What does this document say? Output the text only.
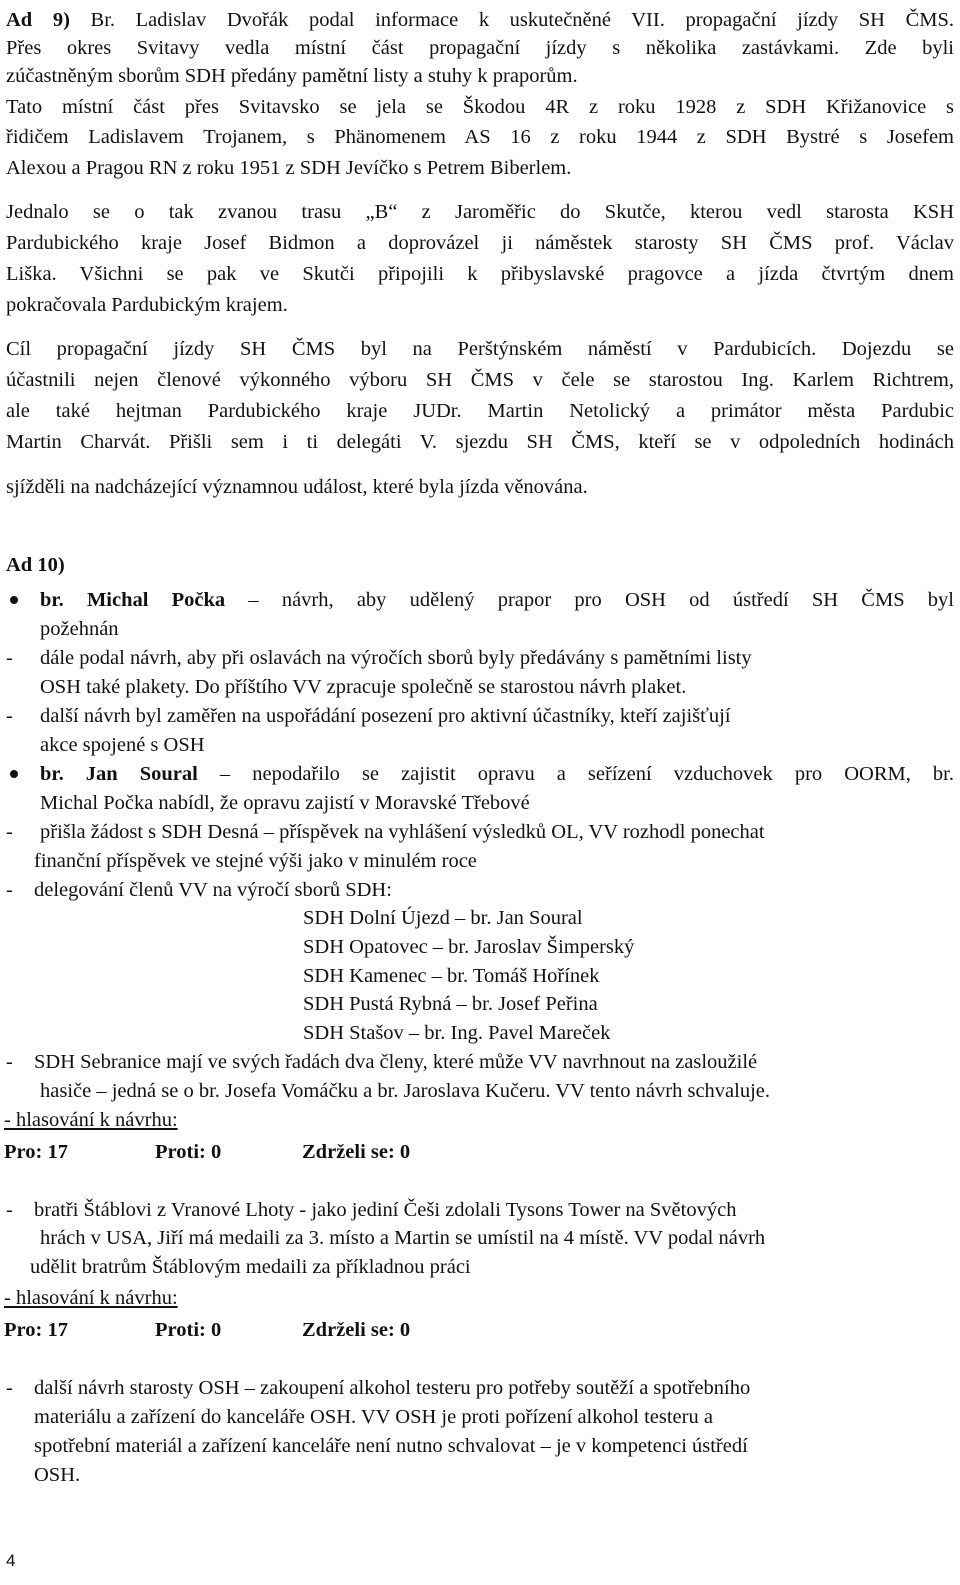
Ad 9) Br. Ladislav Dvořák podal informace k uskutečněné VII. propagační jízdy SH ČMS.
Přes okres Svitavy vedla místní část propagační jízdy s několika zastávkami. Zde byli
zúčastněným sborům SDH předány pamětní listy a stuhy k praporům.
Tato místní část přes Svitavsko se jela se Škodou 4R z roku 1928 z SDH Křižanovice s
řidičem Ladislavem Trojanem, s Phänomenem AS 16 z roku 1944 z SDH Bystré s Josefem
Alexou a Pragou RN z roku 1951 z SDH Jevíčko s Petrem Biberlem.
Jednalo se o tak zvanou trasu „B“ z Jaroměřic do Skutče, kterou vedl starosta KSH
Pardubického kraje Josef Bidmon a doprovázel ji náměstek starosty SH ČMS prof. Václav
Liška. Všichni se pak ve Skutči připojili k přibyslavské pragovce a jízda čtvrtým dnem
pokračovala Pardubickým krajem.
Cíl propagační jízdy SH ČMS byl na Perštýnském náměstí v Pardubicích. Dojezdu se
účastnili nejen členové výkonného výboru SH ČMS v čele se starostou Ing. Karlem Richtrem,
ale také hejtman Pardubického kraje JUDr. Martin Netolický a primátor města Pardubic
Martin Charvát. Přišli sem i ti delegáti V. sjezdu SH ČMS, kteří se v odpoledních hodinách
sjížděli na nadcházející významnou událost, které byla jízda věnována.
Ad 10)
br. Michal Počka – návrh, aby udělený prapor pro OSH od ústředí SH ČMS byl
požehnán
- dále podal návrh, aby při oslavách na výročích sborů byly předávány s pamětními listy
OSH také plakety. Do příštího VV zpracuje společně se starostou návrh plaket.
- další návrh byl zaměřen na uspořádání posezení pro aktivní účastníky, kteří zajišťují
akce spojené s OSH
br. Jan Soural – nepodařilo se zajistit opravu a seřízení vzduchovek pro OORM, br.
Michal Počka nabídl, že opravu zajistí v Moravské Třebové
- přišla žádost s SDH Desná – příspěvek na vyhlášení výsledků OL, VV rozhodl ponechat
finanční příspěvek ve stejné výši jako v minulém roce
- delegování členů VV na výročí sborů SDH:
SDH Dolní Újezd – br. Jan Soural
SDH Opatovec – br. Jaroslav Šimperský
SDH Kamenec – br. Tomáš Hořínek
SDH Pustá Rybná – br. Josef Peřina
SDH Stašov – br. Ing. Pavel Mareček
- SDH Sebranice mají ve svých řadách dva členy, které může VV navrhnout na zasloužilé
hasiče – jedná se o br. Josefa Vomáčku a br. Jaroslava Kučeru. VV tento návrh schvaluje.
- hlasování k návrhu:
Pro: 17	Proti: 0	Zdrželi se: 0
- bratři Štáblovi z Vranové Lhoty - jako jediní Češi zdolali Tysons Tower na Světových
hrách v USA, Jiří má medaili za 3. místo a Martin se umístil na 4 místě. VV podal návrh
udělit bratrům Štáblovým medaili za příkladnou práci
- hlasování k návrhu:
Pro: 17	Proti: 0	Zdrželi se: 0
- další návrh starosty OSH – zakoupení alkohol testeru pro potřeby soutěží a spotřebního
materiálu a zařízení do kanceláře OSH. VV OSH je proti pořízení alkohol testeru a
spotřební materiál a zařízení kanceláře není nutno schvalovat – je v kompetenci ústředí
OSH.
4
